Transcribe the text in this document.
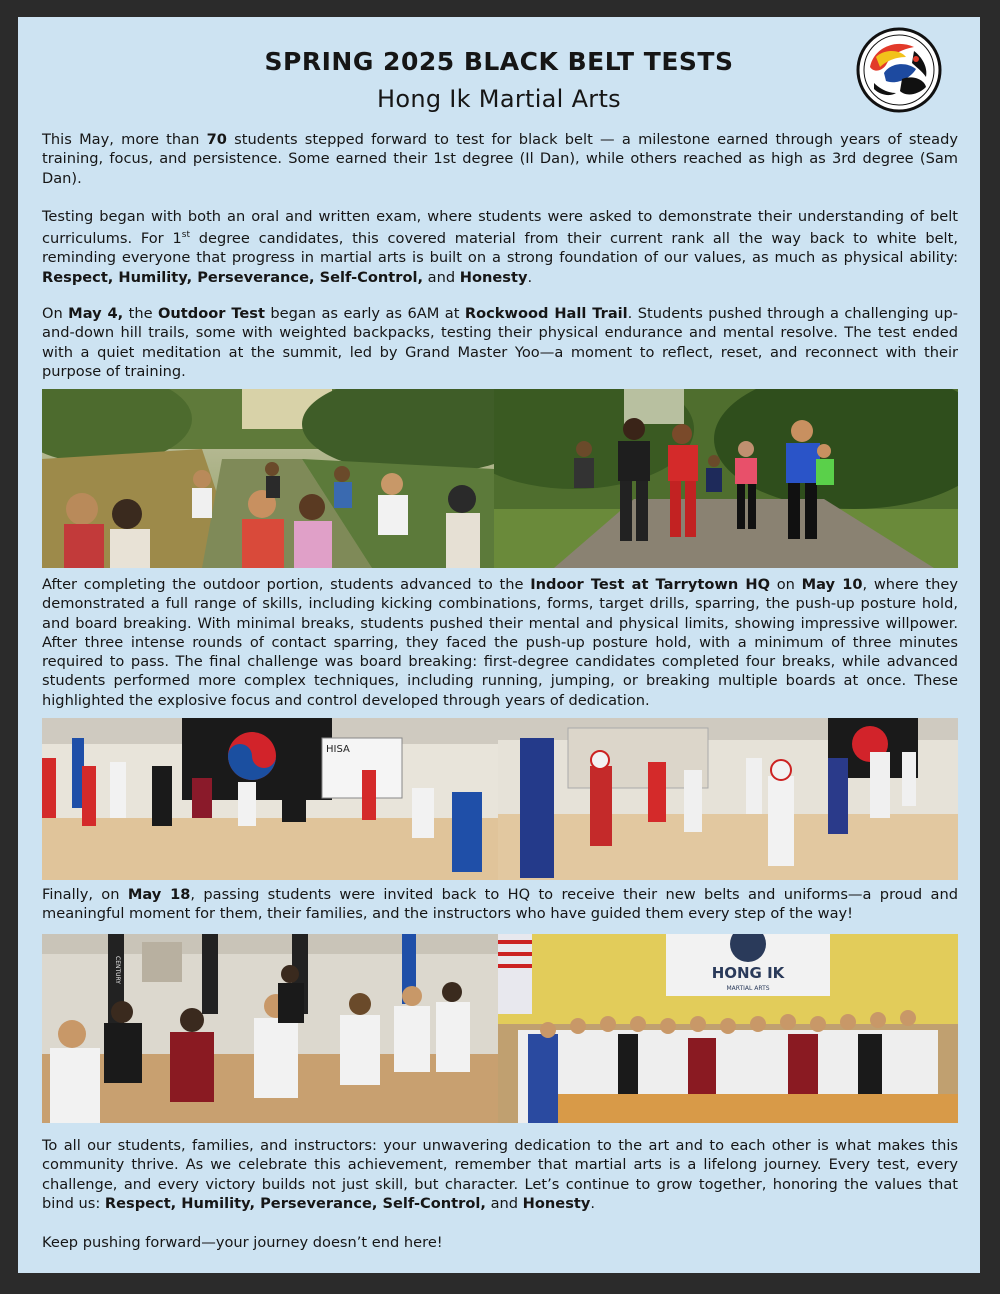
SPRING 2025 BLACK BELT TESTS
Hong Ik Martial Arts

This May, more than 70 students stepped forward to test for black belt — a milestone earned through years of steady training, focus, and persistence. Some earned their 1st degree (Il Dan), while others reached as high as 3rd degree (Sam Dan).

Testing began with both an oral and written exam, where students were asked to demonstrate their understanding of belt curriculums. For 1st degree candidates, this covered material from their current rank all the way back to white belt, reminding everyone that progress in martial arts is built on a strong foundation of our values, as much as physical ability: Respect, Humility, Perseverance, Self-Control, and Honesty.

On May 4, the Outdoor Test began as early as 6AM at Rockwood Hall Trail. Students pushed through a challenging up-and-down hill trails, some with weighted backpacks, testing their physical endurance and mental resolve. The test ended with a quiet meditation at the summit, led by Grand Master Yoo—a moment to reflect, reset, and reconnect with their purpose of training.

After completing the outdoor portion, students advanced to the Indoor Test at Tarrytown HQ on May 10, where they demonstrated a full range of skills, including kicking combinations, forms, target drills, sparring, the push-up posture hold, and board breaking. With minimal breaks, students pushed their mental and physical limits, showing impressive willpower. After three intense rounds of contact sparring, they faced the push-up posture hold, with a minimum of three minutes required to pass. The final challenge was board breaking: first-degree candidates completed four breaks, while advanced students performed more complex techniques, including running, jumping, or breaking multiple boards at once. These highlighted the explosive focus and control developed through years of dedication.

HISA

Finally, on May 18, passing students were invited back to HQ to receive their new belts and uniforms—a proud and meaningful moment for them, their families, and the instructors who have guided them every step of the way!

CENTURY	HONG IK
MARTIAL ARTS

To all our students, families, and instructors: your unwavering dedication to the art and to each other is what makes this community thrive. As we celebrate this achievement, remember that martial arts is a lifelong journey. Every test, every challenge, and every victory builds not just skill, but character. Let’s continue to grow together, honoring the values that bind us: Respect, Humility, Perseverance, Self-Control, and Honesty.

Keep pushing forward—your journey doesn’t end here!
